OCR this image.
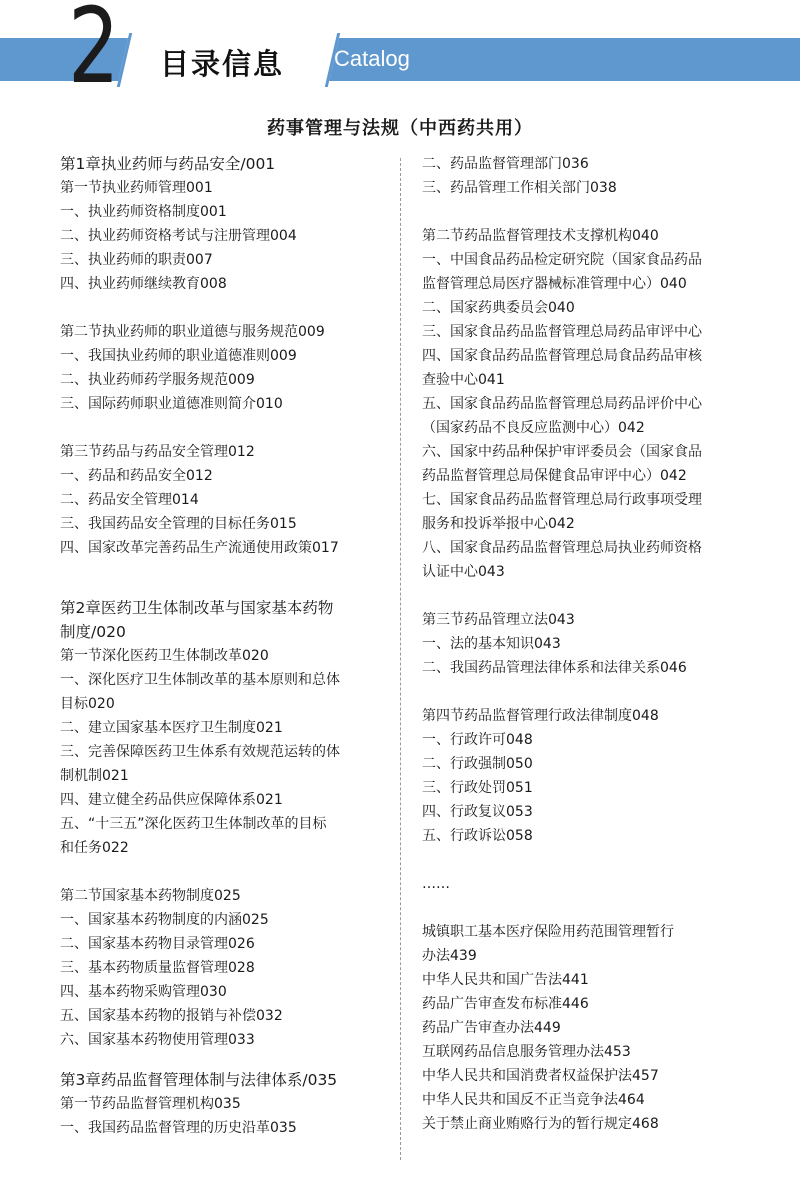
2 目录信息 Catalog
药事管理与法规（中西药共用）
第1章执业药师与药品安全/001
第一节执业药师管理001
一、执业药师资格制度001
二、执业药师资格考试与注册管理004
三、执业药师的职责007
四、执业药师继续教育008
第二节执业药师的职业道德与服务规范009
一、我国执业药师的职业道德准则009
二、执业药师药学服务规范009
三、国际药师职业道德准则简介010
第三节药品与药品安全管理012
一、药品和药品安全012
二、药品安全管理014
三、我国药品安全管理的目标任务015
四、国家改革完善药品生产流通使用政策017
第2章医药卫生体制改革与国家基本药物
制度/020
第一节深化医药卫生体制改革020
一、深化医疗卫生体制改革的基本原则和总体
目标020
二、建立国家基本医疗卫生制度021
三、完善保障医药卫生体系有效规范运转的体
制机制021
四、建立健全药品供应保障体系021
五、“十三五”深化医药卫生体制改革的目标
和任务022
第二节国家基本药物制度025
一、国家基本药物制度的内涵025
二、国家基本药物目录管理026
三、基本药物质量监督管理028
四、基本药物采购管理030
五、国家基本药物的报销与补偿032
六、国家基本药物使用管理033
第3章药品监督管理体制与法律体系/035
第一节药品监督管理机构035
一、我国药品监督管理的历史沿革035
二、药品监督管理部门036
三、药品管理工作相关部门038
第二节药品监督管理技术支撑机构040
一、中国食品药品检定研究院（国家食品药品
监督管理总局医疗器械标准管理中心）040
二、国家药典委员会040
三、国家食品药品监督管理总局药品审评中心
四、国家食品药品监督管理总局食品药品审核
查验中心041
五、国家食品药品监督管理总局药品评价中心
（国家药品不良反应监测中心）042
六、国家中药品种保护审评委员会（国家食品
药品监督管理总局保健食品审评中心）042
七、国家食品药品监督管理总局行政事项受理
服务和投诉举报中心042
八、国家食品药品监督管理总局执业药师资格
认证中心043
第三节药品管理立法043
一、法的基本知识043
二、我国药品管理法律体系和法律关系046
第四节药品监督管理行政法律制度048
一、行政许可048
二、行政强制050
三、行政处罚051
四、行政复议053
五、行政诉讼058
……
城镇职工基本医疗保险用药范围管理暂行
办法439
中华人民共和国广告法441
药品广告审查发布标准446
药品广告审查办法449
互联网药品信息服务管理办法453
中华人民共和国消费者权益保护法457
中华人民共和国反不正当竞争法464
关于禁止商业贿赂行为的暂行规定468
